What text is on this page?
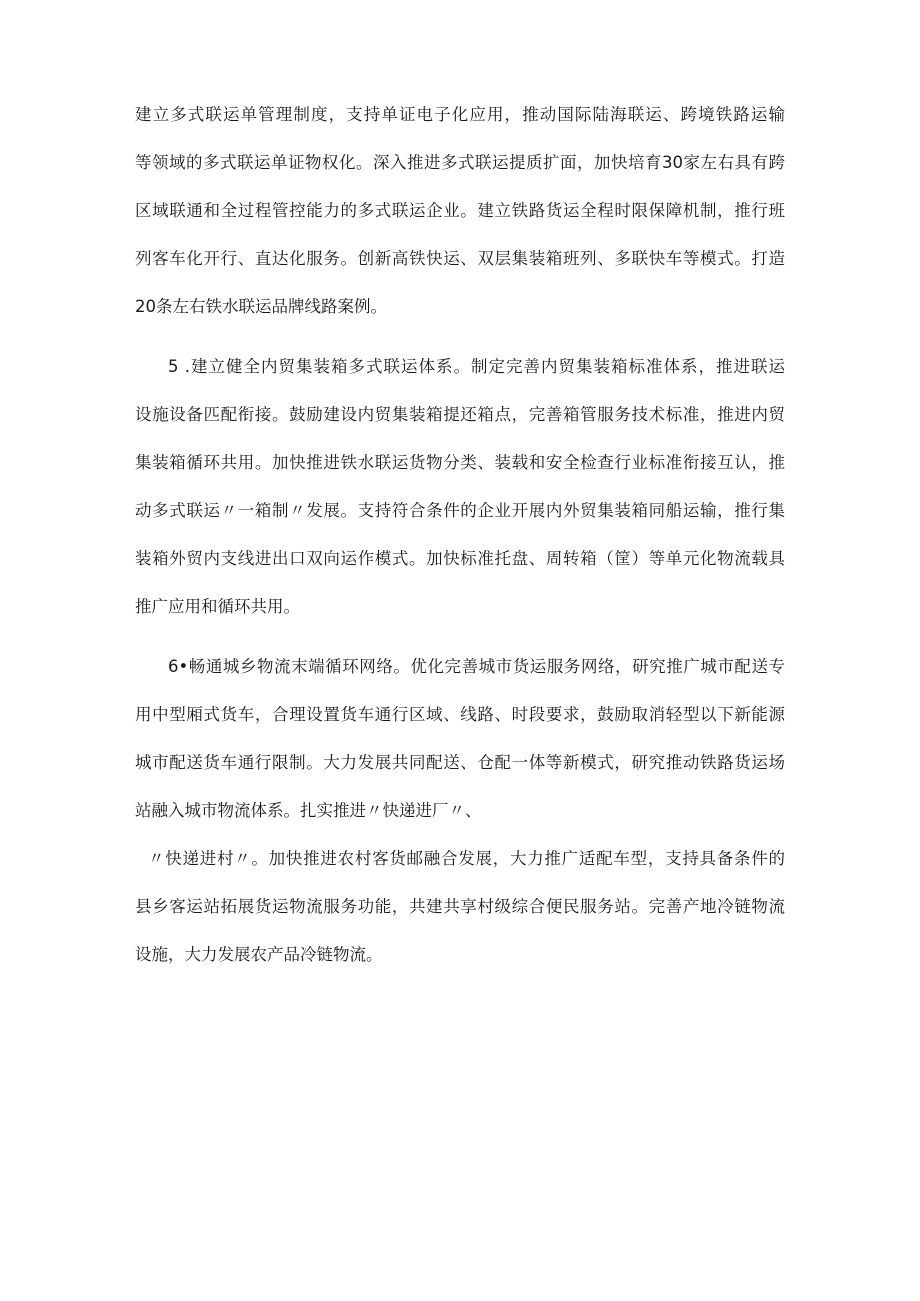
建立多式联运单管理制度，支持单证电子化应用，推动国际陆海联运、跨境铁路运输
等领域的多式联运单证物权化。深入推进多式联运提质扩面，加快培育30家左右具有跨
区域联通和全过程管控能力的多式联运企业。建立铁路货运全程时限保障机制，推行班
列客车化开行、直达化服务。创新高铁快运、双层集装箱班列、多联快车等模式。打造
20条左右铁水联运品牌线路案例。
5 .建立健全内贸集装箱多式联运体系。制定完善内贸集装箱标准体系，推进联运
设施设备匹配衔接。鼓励建设内贸集装箱提还箱点，完善箱管服务技术标准，推进内贸
集装箱循环共用。加快推进铁水联运货物分类、装载和安全检查行业标准衔接互认，推
动多式联运〃一箱制〃发展。支持符合条件的企业开展内外贸集装箱同船运输，推行集
装箱外贸内支线进出口双向运作模式。加快标准托盘、周转箱（筐）等单元化物流载具
推广应用和循环共用。
6•畅通城乡物流末端循环网络。优化完善城市货运服务网络，研究推广城市配送专
用中型厢式货车，合理设置货车通行区域、线路、时段要求，鼓励取消轻型以下新能源
城市配送货车通行限制。大力发展共同配送、仓配一体等新模式，研究推动铁路货运场
站融入城市物流体系。扎实推进〃快递进厂〃、
〃快递进村〃。加快推进农村客货邮融合发展，大力推广适配车型，支持具备条件的
县乡客运站拓展货运物流服务功能，共建共享村级综合便民服务站。完善产地冷链物流
设施，大力发展农产品冷链物流。
